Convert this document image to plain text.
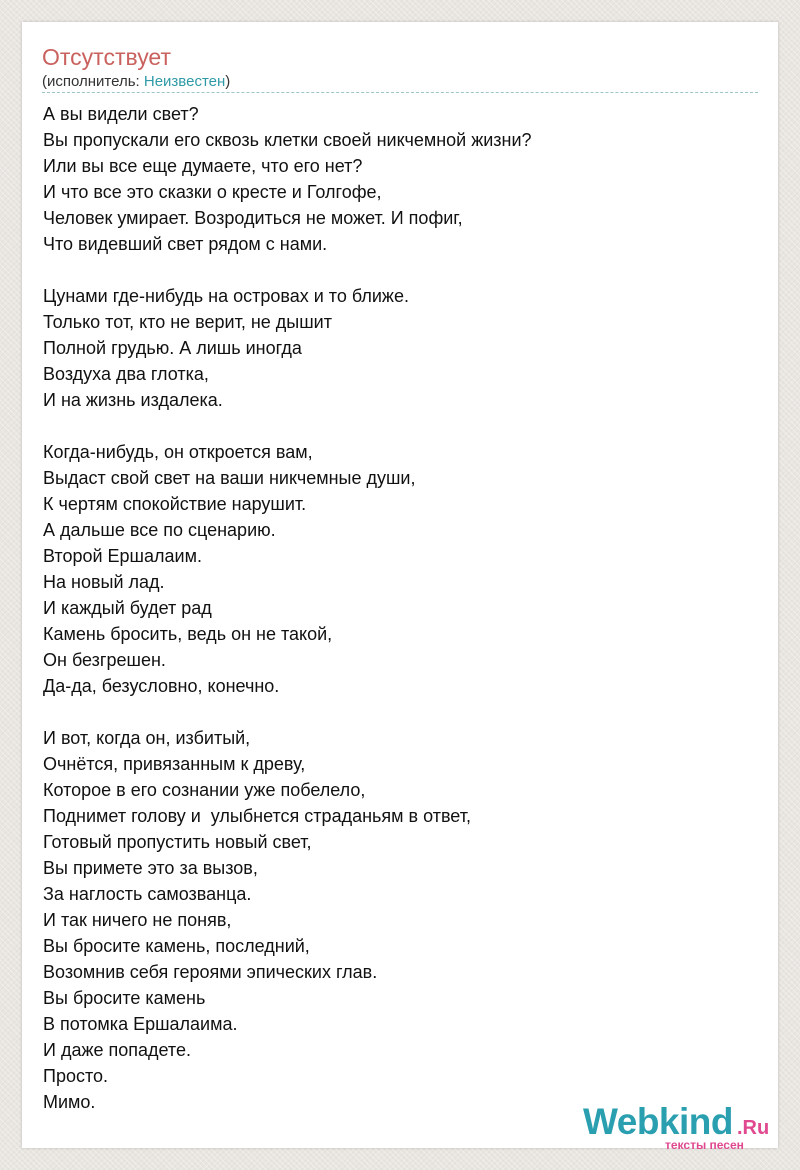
Отсутствует
(исполнитель: Неизвестен)
А вы видели свет?
Вы пропускали его сквозь клетки своей никчемной жизни?
Или вы все еще думаете, что его нет?
И что все это сказки о кресте и Голгофе,
Человек умирает. Возродиться не может. И пофиг,
Что видевший свет рядом с нами.
Цунами где-нибудь на островах и то ближе.
Только тот, кто не верит, не дышит
Полной грудью. А лишь иногда
Воздуха два глотка,
И на жизнь издалека.
Когда-нибудь, он откроется вам,
Выдаст свой свет на ваши никчемные души,
К чертям спокойствие нарушит.
А дальше все по сценарию.
Второй Ершалаим.
На новый лад.
И каждый будет рад
Камень бросить, ведь он не такой,
Он безгрешен.
Да-да, безусловно, конечно.
И вот, когда он, избитый,
Очнётся, привязанным к древу,
Которое в его сознании уже побелело,
Поднимет голову и  улыбнется страданьям в ответ,
Готовый пропустить новый свет,
Вы примете это за вызов,
За наглость самозванца.
И так ничего не поняв,
Вы бросите камень, последний,
Возомнив себя героями эпических глав.
Вы бросите камень
В потомка Ершалаима.
И даже попадете.
Просто.
Мимо.	Webkind .Ru
тексты песен
